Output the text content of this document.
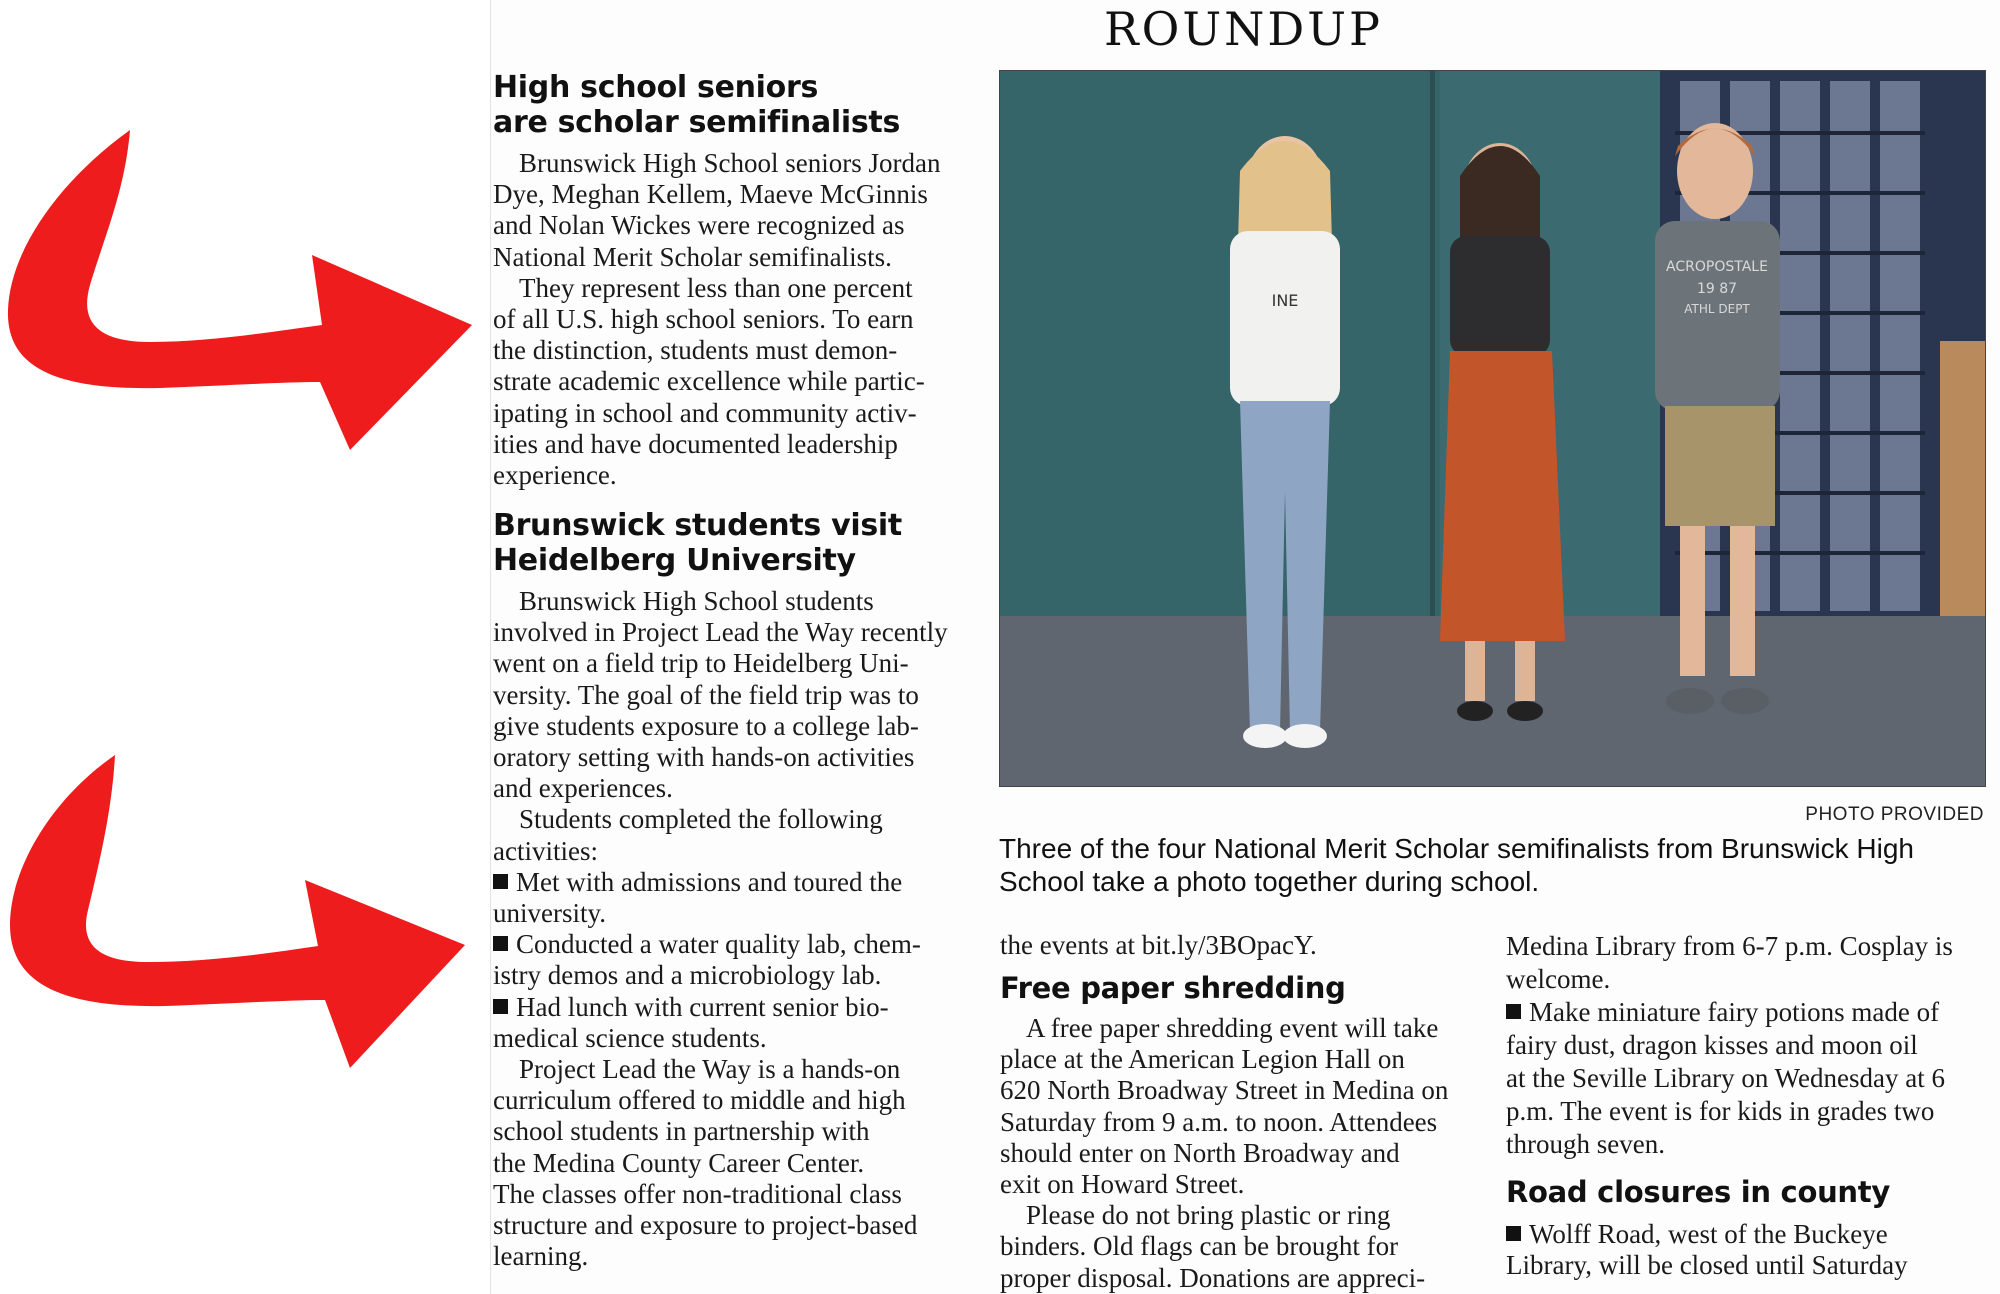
ROUNDUP
High school seniors
are scholar semifinalists

Brunswick High School seniors Jordan

Dye, Meghan Kellem, Maeve McGinnis

and Nolan Wickes were recognized as

National Merit Scholar semifinalists.

They represent less than one percent

of all U.S. high school seniors. To earn

the distinction, students must demon-

strate academic excellence while partic-

ipating in school and community activ-

ities and have documented leadership

experience.

Brunswick students visit
Heidelberg University

Brunswick High School students

involved in Project Lead the Way recently

went on a field trip to Heidelberg Uni-

versity. The goal of the field trip was to

give students exposure to a college lab-

oratory setting with hands-on activities

and experiences.

Students completed the following

activities:

Met with admissions and toured the

university.

Conducted a water quality lab, chem-

istry demos and a microbiology lab.

Had lunch with current senior bio-

medical science students.

Project Lead the Way is a hands-on

curriculum offered to middle and high

school students in partnership with

the Medina County Career Center.

The classes offer non-traditional class

structure and exposure to project-based

learning.

INE
ACROPOSTALE
19 87
ATHL DEPT

PHOTO PROVIDED

Three of the four National Merit Scholar semifinalists from Brunswick High
School take a photo together during school.

the events at bit.ly/3BOpacY.

Free paper shredding

A free paper shredding event will take

place at the American Legion Hall on

620 North Broadway Street in Medina on

Saturday from 9 a.m. to noon. Attendees

should enter on North Broadway and

exit on Howard Street.

Please do not bring plastic or ring

binders. Old flags can be brought for

proper disposal. Donations are appreci-

Medina Library from 6-7 p.m. Cosplay is

welcome.

Make miniature fairy potions made of

fairy dust, dragon kisses and moon oil

at the Seville Library on Wednesday at 6

p.m. The event is for kids in grades two

through seven.

Road closures in county

Wolff Road, west of the Buckeye

Library, will be closed until Saturday
